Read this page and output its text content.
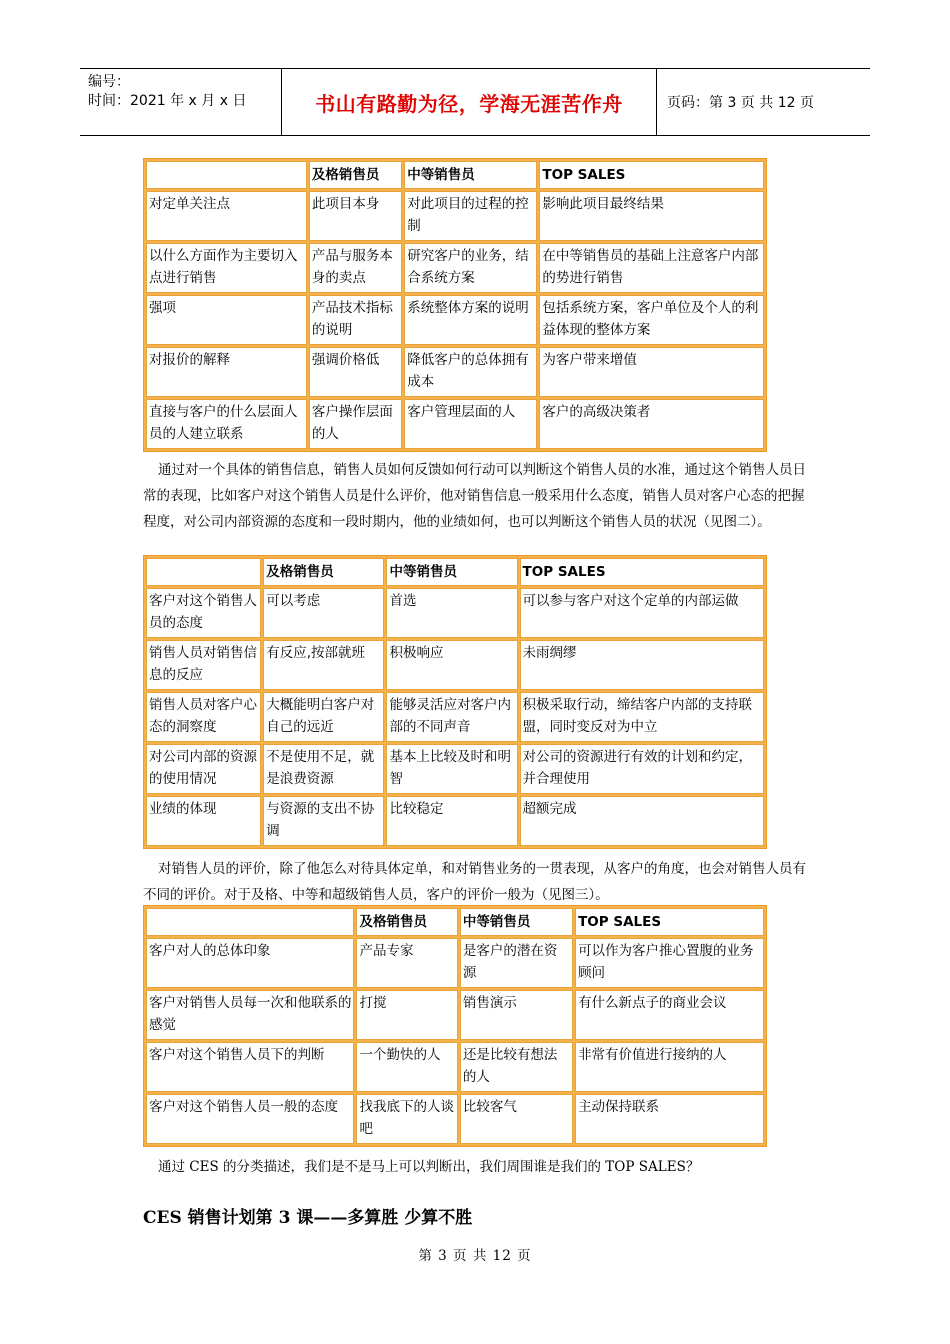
编号：
时间：2021 年 x 月 x 日	书山有路勤为径，学海无涯苦作舟	页码：第 3 页 共 12 页
	及格销售员	中等销售员	TOP SALES
对定单关注点	此项目本身	对此项目的过程的控制	影响此项目最终结果
以什么方面作为主要切入点进行销售	产品与服务本身的卖点	研究客户的业务，结合系统方案	在中等销售员的基础上注意客户内部的势进行销售
强项	产品技术指标的说明	系统整体方案的说明	包括系统方案，客户单位及个人的利益体现的整体方案
对报价的解释	强调价格低	降低客户的总体拥有成本	为客户带来增值
直接与客户的什么层面人员的人建立联系	客户操作层面的人	客户管理层面的人	客户的高级决策者
通过对一个具体的销售信息，销售人员如何反馈如何行动可以判断这个销售人员的水准，通过这个销售人员日常的表现，比如客户对这个销售人员是什么评价，他对销售信息一般采用什么态度，销售人员对客户心态的把握程度，对公司内部资源的态度和一段时期内，他的业绩如何，也可以判断这个销售人员的状况（见图二）。
	及格销售员	中等销售员	TOP SALES
客户对这个销售人员的态度	可以考虑	首选	可以参与客户对这个定单的内部运做
销售人员对销售信息的反应	有反应,按部就班	积极响应	未雨绸缪
销售人员对客户心态的洞察度	大概能明白客户对自己的远近	能够灵活应对客户内部的不同声音	积极采取行动，缔结客户内部的支持联盟，同时变反对为中立
对公司内部的资源的使用情况	不是使用不足，就是浪费资源	基本上比较及时和明智	对公司的资源进行有效的计划和约定，并合理使用
业绩的体现	与资源的支出不协调	比较稳定	超额完成
对销售人员的评价，除了他怎么对待具体定单，和对销售业务的一贯表现，从客户的角度，也会对销售人员有不同的评价。对于及格、中等和超级销售人员，客户的评价一般为（见图三）。
	及格销售员	中等销售员	TOP SALES
客户对人的总体印象	产品专家	是客户的潜在资源	可以作为客户推心置腹的业务顾问
客户对销售人员每一次和他联系的感觉	打搅	销售演示	有什么新点子的商业会议
客户对这个销售人员下的判断	一个勤快的人	还是比较有想法的人	非常有价值进行接纳的人
客户对这个销售人员一般的态度	找我底下的人谈吧	比较客气	主动保持联系
通过 CES 的分类描述，我们是不是马上可以判断出，我们周围谁是我们的 TOP SALES？
CES 销售计划第 3 课——多算胜 少算不胜
第 3 页 共 12 页
